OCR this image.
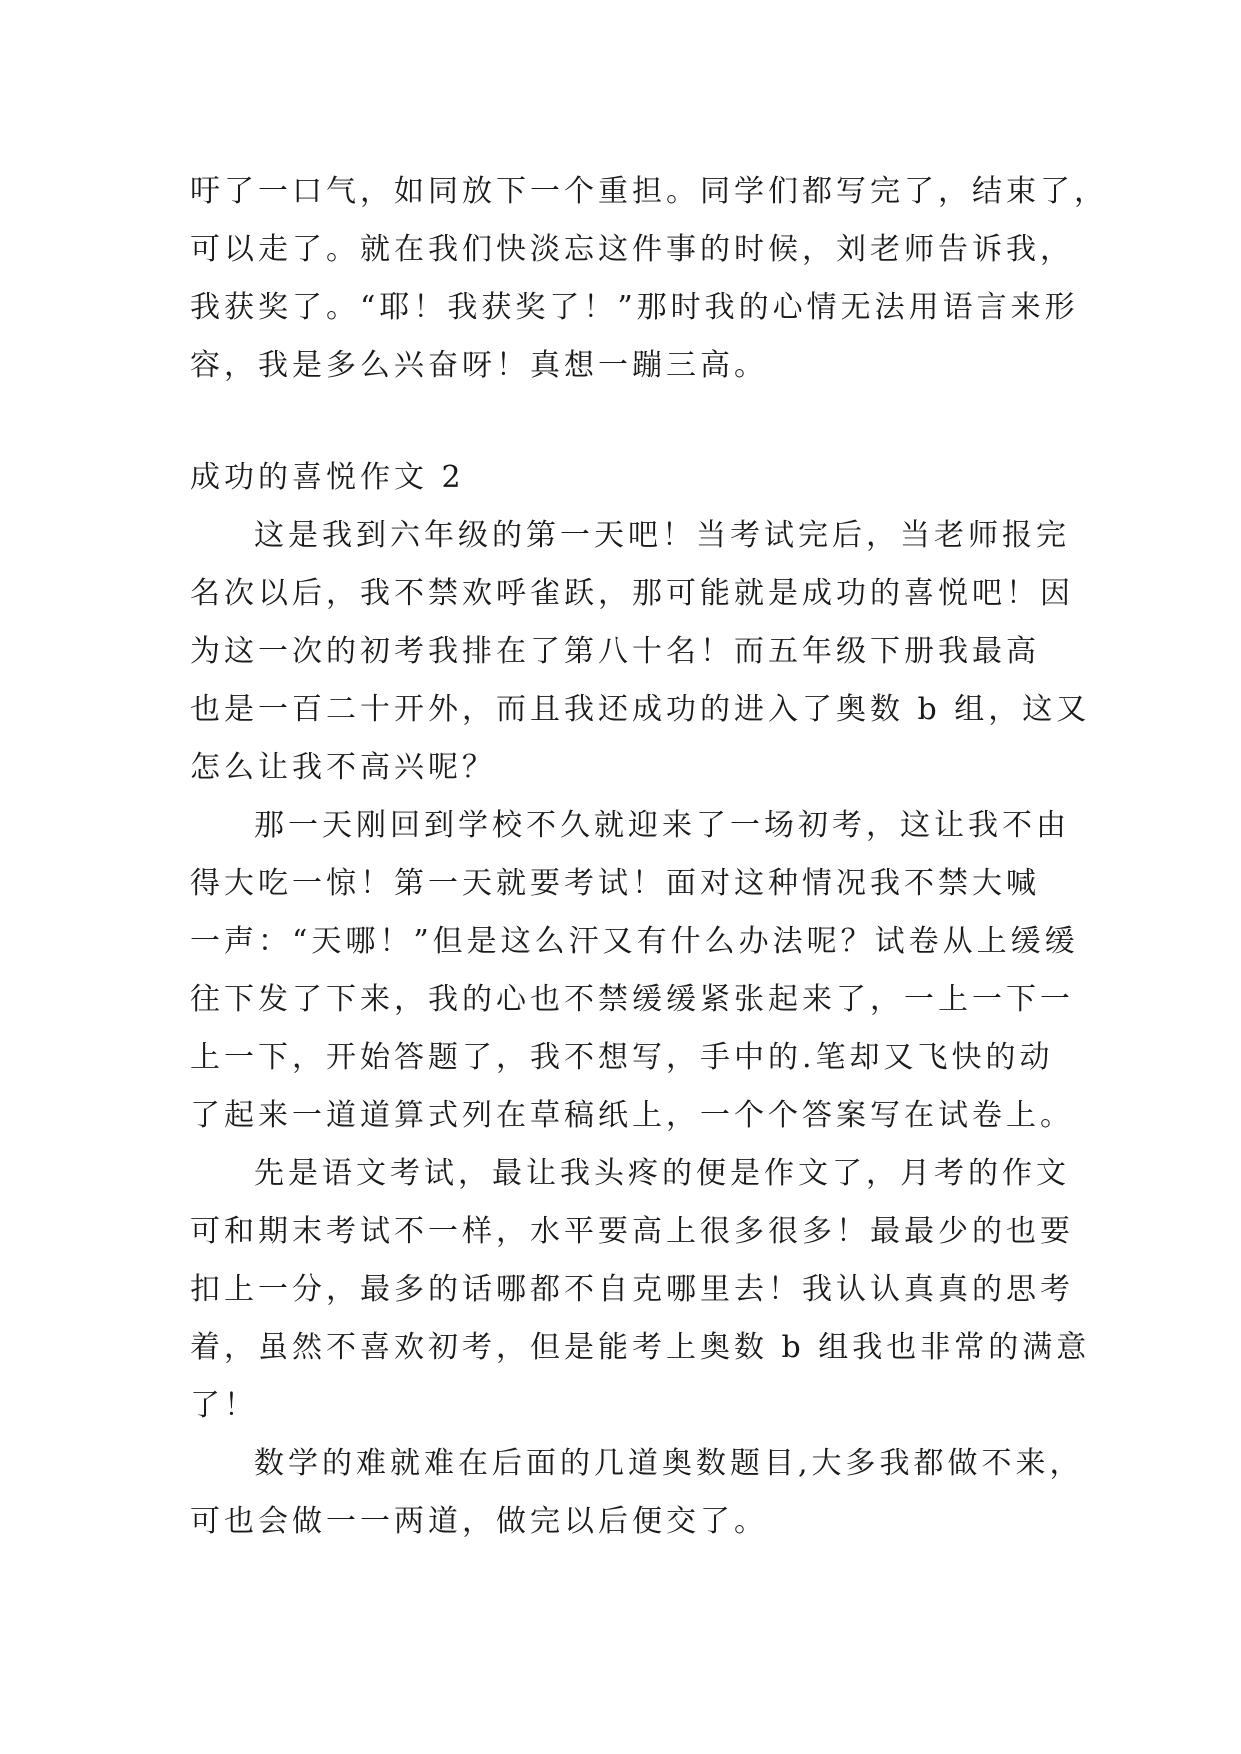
吁了一口气，如同放下一个重担。同学们都写完了，结束了，
可以走了。就在我们快淡忘这件事的时候，刘老师告诉我，
我获奖了。“耶！我获奖了！”那时我的心情无法用语言来形
容，我是多么兴奋呀！真想一蹦三高。
成功的喜悦作文 2
这是我到六年级的第一天吧！当考试完后，当老师报完
名次以后，我不禁欢呼雀跃，那可能就是成功的喜悦吧！因
为这一次的初考我排在了第八十名！而五年级下册我最高
也是一百二十开外，而且我还成功的进入了奥数 b 组，这又
怎么让我不高兴呢？
那一天刚回到学校不久就迎来了一场初考，这让我不由
得大吃一惊！第一天就要考试！面对这种情况我不禁大喊
一声：“天哪！”但是这么汗又有什么办法呢？试卷从上缓缓
往下发了下来，我的心也不禁缓缓紧张起来了，一上一下一
上一下，开始答题了，我不想写，手中的.笔却又飞快的动
了起来一道道算式列在草稿纸上，一个个答案写在试卷上。
先是语文考试，最让我头疼的便是作文了，月考的作文
可和期末考试不一样，水平要高上很多很多！最最少的也要
扣上一分，最多的话哪都不自克哪里去！我认认真真的思考
着，虽然不喜欢初考，但是能考上奥数 b 组我也非常的满意
了！
数学的难就难在后面的几道奥数题目,大多我都做不来，
可也会做一一两道，做完以后便交了。
